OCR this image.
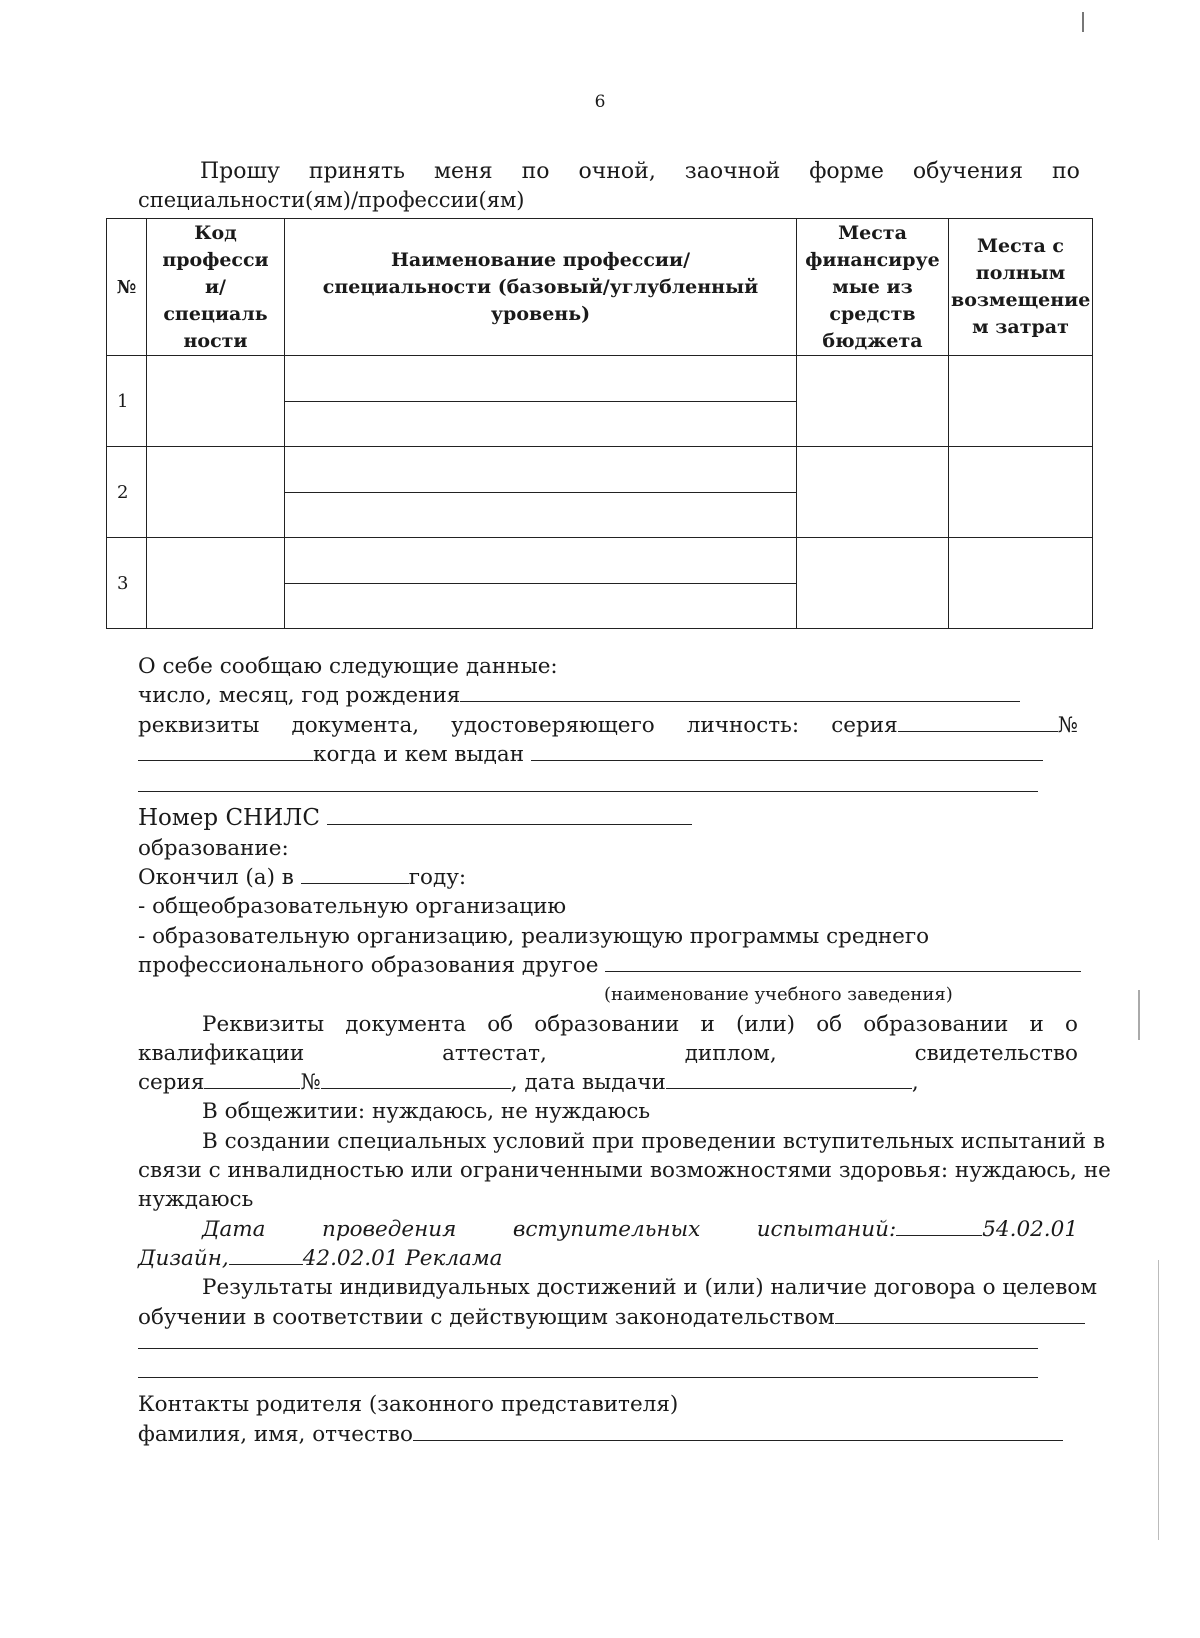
6
Прошу принять меня по очной, заочной форме обучения по
специальности(ям)/профессии(ям)
№	Код професси и/ специаль ности	Наименование профессии/ специальности (базовый/углубленный уровень)	Места финансируе мые из средств бюджета	Места с полным возмещение м затрат
1		

2		

3		

О себе сообщаю следующие данные:
число, месяц, год рождения
реквизиты документа, удостоверяющего личность: серия	№
когда и кем выдан
Номер СНИЛС
образование:
Окончил (а) в	году:
- общеобразовательную организацию
- образовательную организацию, реализующую программы среднего
профессионального образования другое
(наименование учебного заведения)
Реквизиты документа об образовании и (или) об образовании и о
квалификации	аттестат,	диплом,	свидетельство
серия	№	, дата выдачи	,
В общежитии: нуждаюсь, не нуждаюсь
В создании специальных условий при проведении вступительных испытаний в
связи с инвалидностью или ограниченными возможностями здоровья: нуждаюсь, не
нуждаюсь
Дата	проведения	вступительных	испытаний:	54.02.01
Дизайн,	42.02.01 Реклама
Результаты индивидуальных достижений и (или) наличие договора о целевом
обучении в соответствии с действующим законодательством
Контакты родителя (законного представителя)
фамилия, имя, отчество
